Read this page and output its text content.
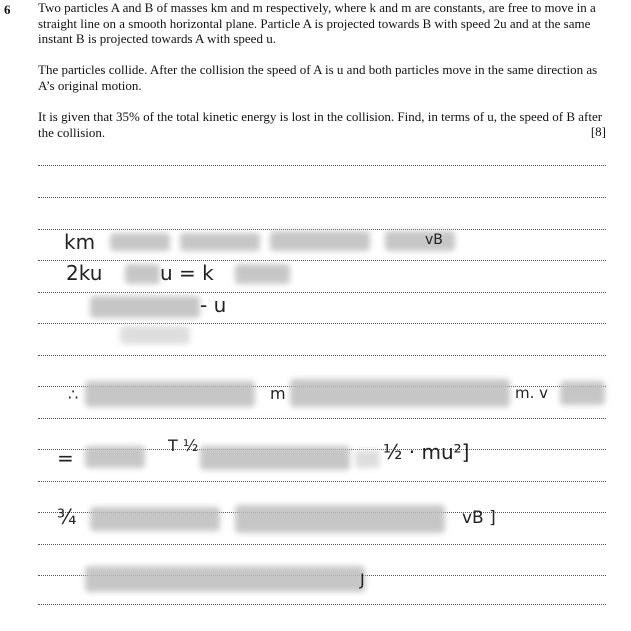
6 Two particles A and B of masses km and m respectively, where k and m are constants, are free to move in a straight line on a smooth horizontal plane. Particle A is projected towards B with speed 2u and at the same instant B is projected towards A with speed u.

The particles collide. After the collision the speed of A is u and both particles move in the same direction as A’s original motion.

It is given that 35% of the total kinetic energy is lost in the collision. Find, in terms of u, the speed of B after the collision.	[8]
km	vB
2ku	u = k
- u
∴	m	m. v
=
T ½	½ · mu²]
¾	vB ]
J
